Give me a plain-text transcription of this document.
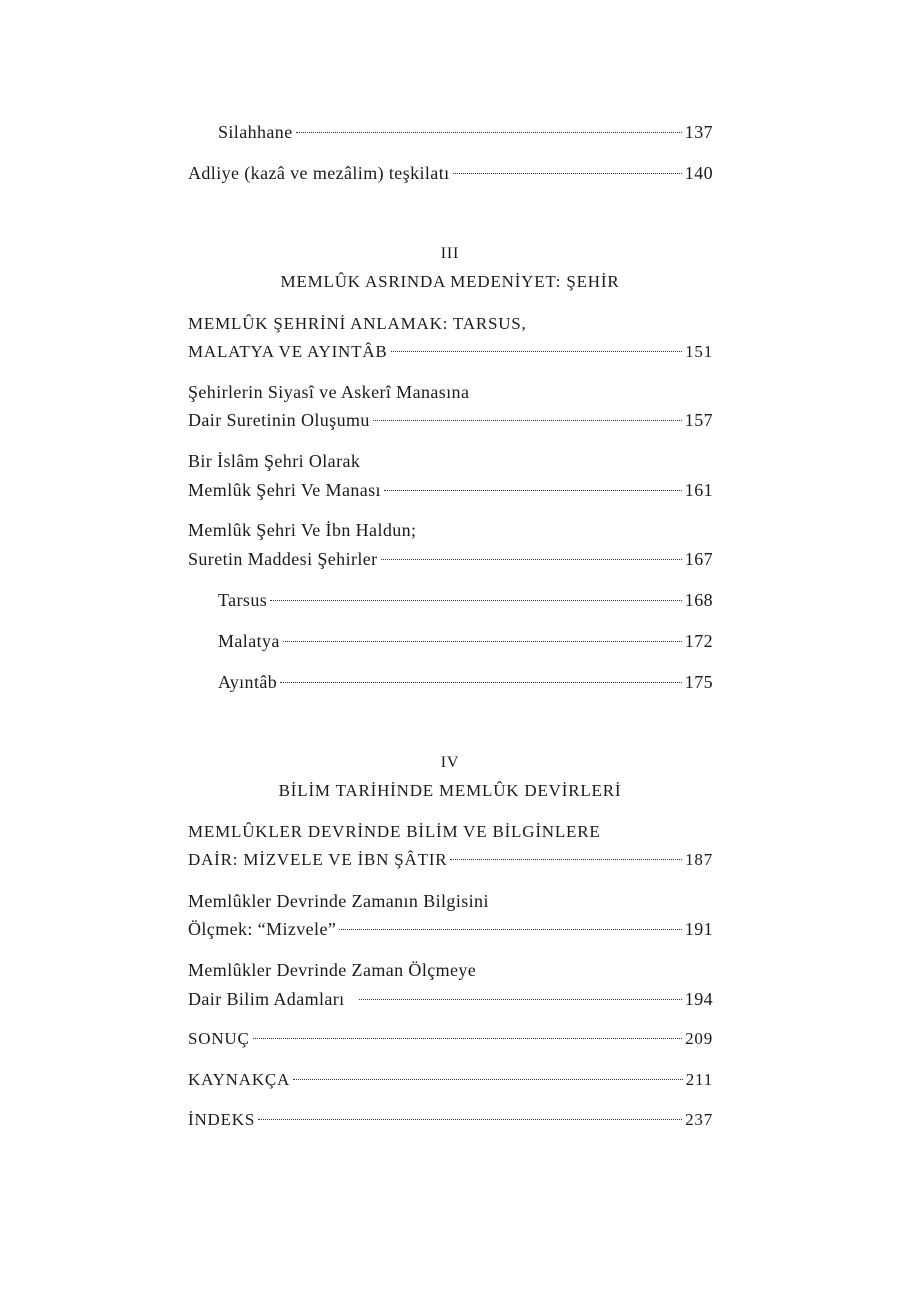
Silahhane	137
Adliye (kazâ ve mezâlim) teşkilatı	140
III
MEMLÛK ASRINDA MEDENİYET: ŞEHİR
MEMLÛK ŞEHRİNİ ANLAMAK: TARSUS,
MALATYA VE AYINTÂB	151
Şehirlerin Siyasî ve Askerî Manasına
Dair Suretinin Oluşumu	157
Bir İslâm Şehri Olarak
Memlûk Şehri Ve Manası	161
Memlûk Şehri Ve İbn Haldun;
Suretin Maddesi Şehirler	167
Tarsus	168
Malatya	172
Ayıntâb	175
IV
BİLİM TARİHİNDE MEMLÛK DEVİRLERİ
MEMLÛKLER DEVRİNDE BİLİM VE BİLGİNLERE
DAİR: MİZVELE VE İBN ŞÂTIR	187
Memlûkler Devrinde Zamanın Bilgisini
Ölçmek: “Mizvele”	191
Memlûkler Devrinde Zaman Ölçmeye
Dair Bilim Adamları	194
SONUÇ	209
KAYNAKÇA	211
İNDEKS	237
